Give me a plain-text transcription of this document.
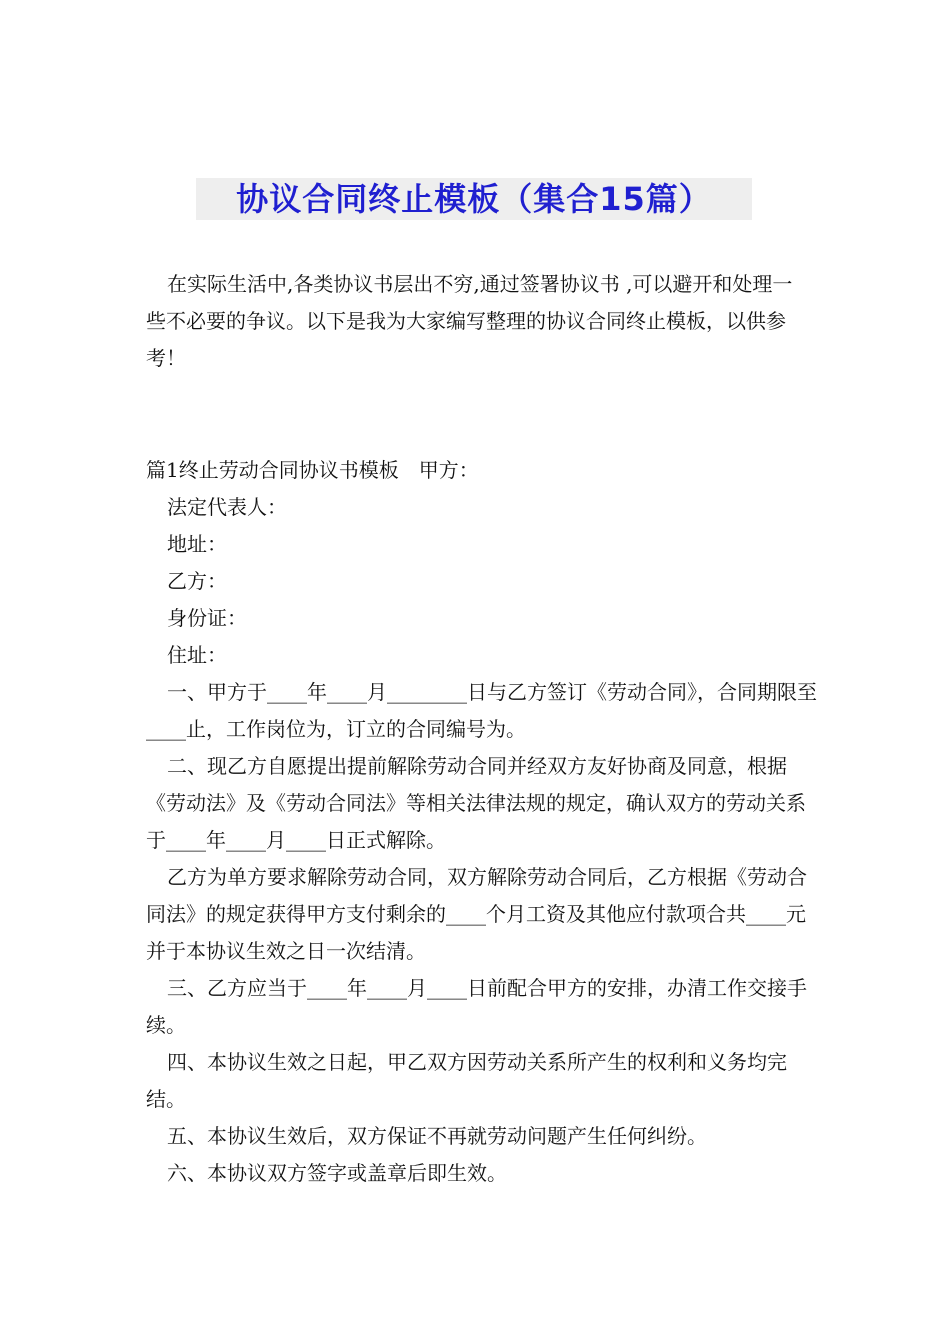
协议合同终止模板（集合15篇）
在实际生活中,各类协议书层出不穷,通过签署协议书 ,可以避开和处理一些不必要的争议。以下是我为大家编写整理的协议合同终止模板，以供参考！

篇1终止劳动合同协议书模板　甲方：

法定代表人：

地址：

乙方：

身份证：

住址：

一、甲方于____年____月________日与乙方签订《劳动合同》，合同期限至____止，工作岗位为，订立的合同编号为。

二、现乙方自愿提出提前解除劳动合同并经双方友好协商及同意，根据《劳动法》及《劳动合同法》等相关法律法规的规定，确认双方的劳动关系于____年____月____日正式解除。

乙方为单方要求解除劳动合同，双方解除劳动合同后，乙方根据《劳动合同法》的规定获得甲方支付剩余的____个月工资及其他应付款项合共____元并于本协议生效之日一次结清。

三、乙方应当于____年____月____日前配合甲方的安排，办清工作交接手续。

四、本协议生效之日起，甲乙双方因劳动关系所产生的权利和义务均完结。

五、本协议生效后，双方保证不再就劳动问题产生任何纠纷。

六、本协议双方签字或盖章后即生效。
